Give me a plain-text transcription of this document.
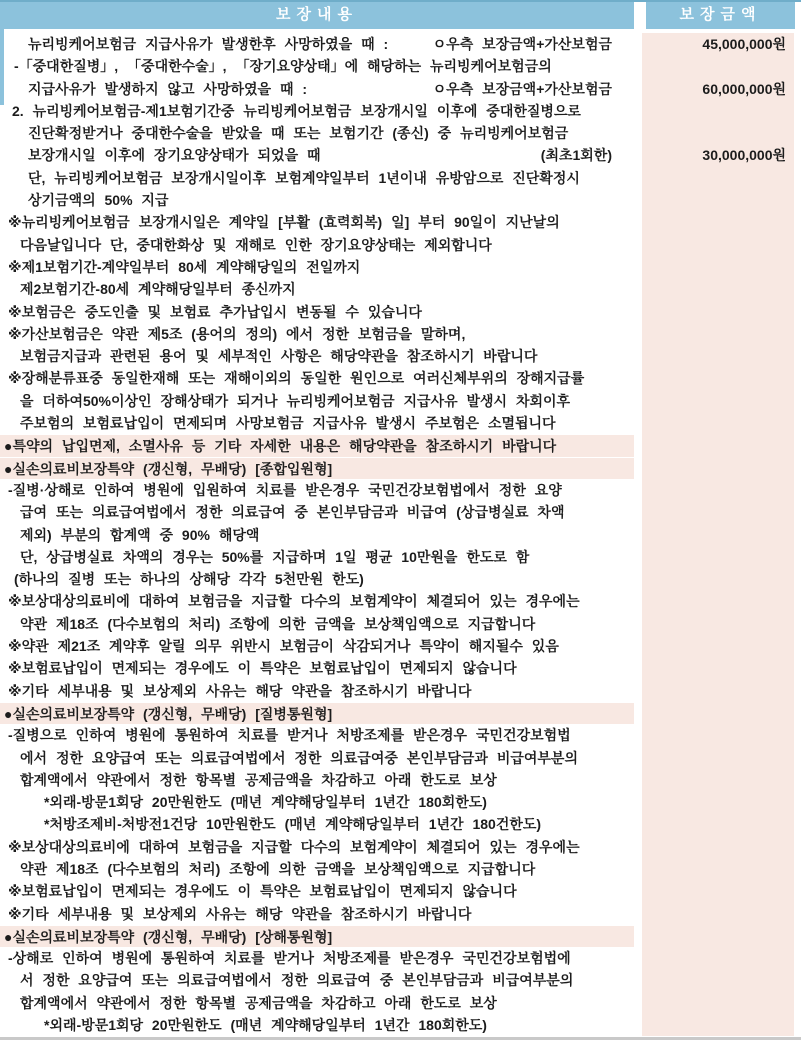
보장내용	보장금액
뉴리빙케어보험금 지급사유가 발생한후 사망하였을 때 :	ㅇ우측 보장금액+가산보험금	45,000,000원
-「중대한질병」, 「중대한수술」, 「장기요양상태」에 해당하는 뉴리빙케어보험금의
지급사유가 발생하지 않고 사망하였을 때 :	ㅇ우측 보장금액+가산보험금	60,000,000원
2. 뉴리빙케어보험금-제1보험기간중 뉴리빙케어보험금 보장개시일 이후에 중대한질병으로
진단확정받거나 중대한수술을 받았을 때 또는 보험기간 (종신) 중 뉴리빙케어보험금
보장개시일 이후에 장기요양상태가 되었을 때	(최초1회한)	30,000,000원
단, 뉴리빙케어보험금 보장개시일이후 보험계약일부터 1년이내 유방암으로 진단확정시
상기금액의 50% 지급
※뉴리빙케어보험금 보장개시일은 계약일 [부활 (효력회복) 일] 부터 90일이 지난날의
다음날입니다 단, 중대한화상 및 재해로 인한 장기요양상태는 제외합니다
※제1보험기간-계약일부터 80세 계약해당일의 전일까지
제2보험기간-80세 계약해당일부터 종신까지
※보험금은 중도인출 및 보험료 추가납입시 변동될 수 있습니다
※가산보험금은 약관 제5조 (용어의 정의) 에서 정한 보험금을 말하며,
보험금지급과 관련된 용어 및 세부적인 사항은 해당약관을 참조하시기 바랍니다
※장해분류표중 동일한재해 또는 재해이외의 동일한 원인으로 여러신체부위의 장해지급률
을 더하여50%이상인 장해상태가 되거나 뉴리빙케어보험금 지급사유 발생시 차회이후
주보험의 보험료납입이 면제되며 사망보험금 지급사유 발생시 주보험은 소멸됩니다
●특약의 납입면제, 소멸사유 등 기타 자세한 내용은 해당약관을 참조하시기 바랍니다
●실손의료비보장특약 (갱신형, 무배당) [종합입원형]
-질병·상해로 인하여 병원에 입원하여 치료를 받은경우 국민건강보험법에서 정한 요양
급여 또는 의료급여법에서 정한 의료급여 중 본인부담금과 비급여 (상급병실료 차액
제외) 부분의 합계액 중 90% 해당액
단, 상급병실료 차액의 경우는 50%를 지급하며 1일 평균 10만원을 한도로 함
(하나의 질병 또는 하나의 상해당 각각 5천만원 한도)
※보상대상의료비에 대하여 보험금을 지급할 다수의 보험계약이 체결되어 있는 경우에는
약관 제18조 (다수보험의 처리) 조항에 의한 금액을 보상책임액으로 지급합니다
※약관 제21조 계약후 알릴 의무 위반시 보험금이 삭감되거나 특약이 해지될수 있음
※보험료납입이 면제되는 경우에도 이 특약은 보험료납입이 면제되지 않습니다
※기타 세부내용 및 보상제외 사유는 해당 약관을 참조하시기 바랍니다
●실손의료비보장특약 (갱신형, 무배당) [질병통원형]
-질병으로 인하여 병원에 통원하여 치료를 받거나 처방조제를 받은경우 국민건강보험법
에서 정한 요양급여 또는 의료급여법에서 정한 의료급여중 본인부담금과 비급여부분의
합계액에서 약관에서 정한 항목별 공제금액을 차감하고 아래 한도로 보상
*외래-방문1회당 20만원한도 (매년 계약해당일부터 1년간 180회한도)
*처방조제비-처방전1건당 10만원한도 (매년 계약해당일부터 1년간 180건한도)
※보상대상의료비에 대하여 보험금을 지급할 다수의 보험계약이 체결되어 있는 경우에는
약관 제18조 (다수보험의 처리) 조항에 의한 금액을 보상책임액으로 지급합니다
※보험료납입이 면제되는 경우에도 이 특약은 보험료납입이 면제되지 않습니다
※기타 세부내용 및 보상제외 사유는 해당 약관을 참조하시기 바랍니다
●실손의료비보장특약 (갱신형, 무배당) [상해통원형]
-상해로 인하여 병원에 통원하여 치료를 받거나 처방조제를 받은경우 국민건강보험법에
서 정한 요양급여 또는 의료급여법에서 정한 의료급여 중 본인부담금과 비급여부분의
합계액에서 약관에서 정한 항목별 공제금액을 차감하고 아래 한도로 보상
*외래-방문1회당 20만원한도 (매년 계약해당일부터 1년간 180회한도)
